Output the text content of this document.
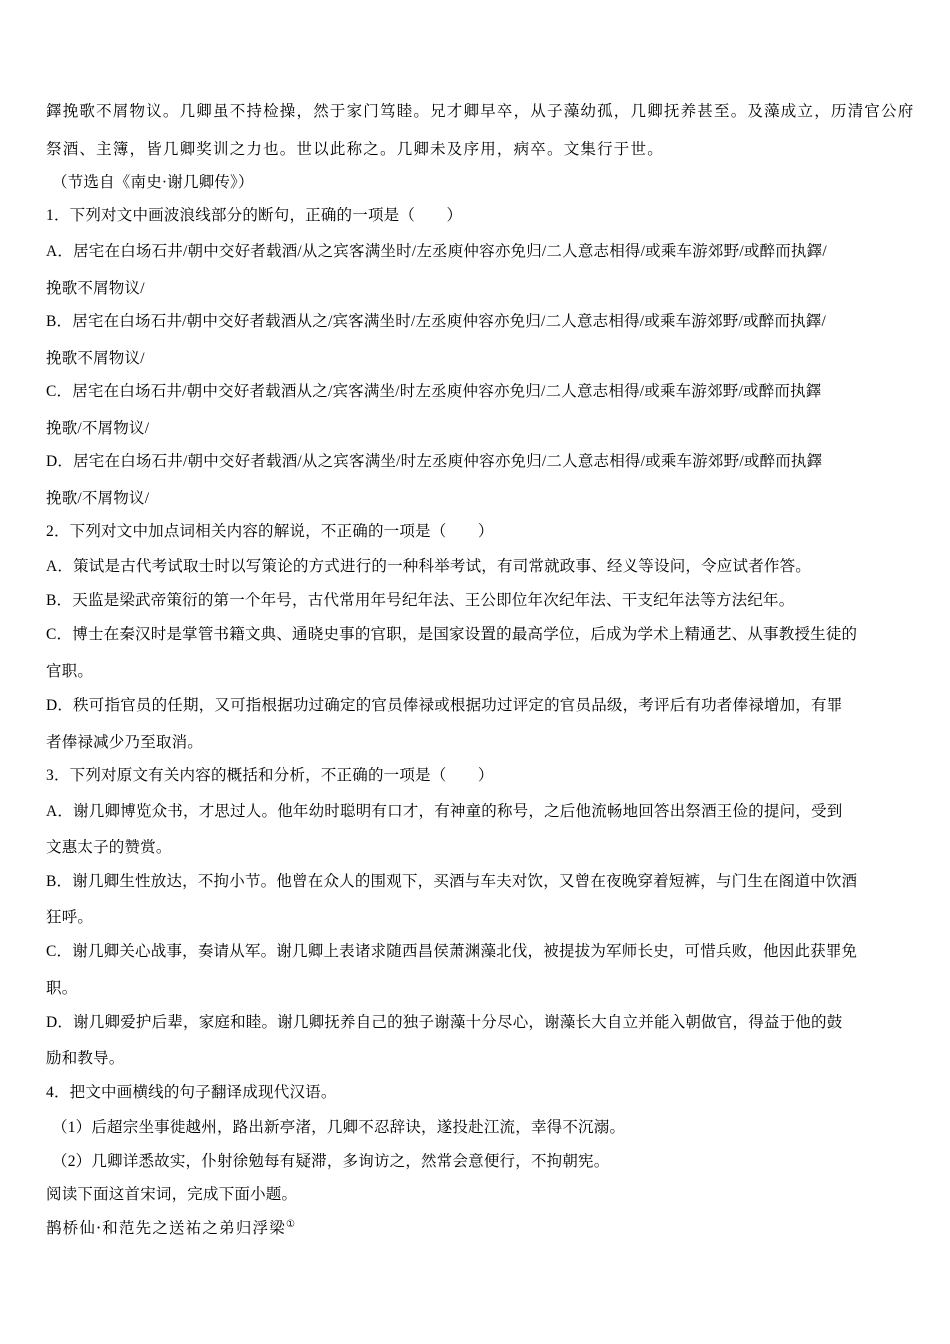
鐸挽歌不屑物议。几卿虽不持检操，然于家门笃睦。兄才卿早卒，从子藻幼孤，几卿抚养甚至。及藻成立，历清官公府

祭酒、主簿，皆几卿奖训之力也。世以此称之。几卿未及序用，病卒。文集行于世。

（节选自《南史·谢几卿传》）

1．下列对文中画波浪线部分的断句，正确的一项是（　　）

A．居宅在白场石井/朝中交好者载酒/从之宾客满坐时/左丞庾仲容亦免归/二人意志相得/或乘车游郊野/或醉而执鐸/

挽歌不屑物议/

B．居宅在白场石井/朝中交好者载酒从之/宾客满坐时/左丞庾仲容亦免归/二人意志相得/或乘车游郊野/或醉而执鐸/

挽歌不屑物议/

C．居宅在白场石井/朝中交好者载酒从之/宾客满坐/时左丞庾仲容亦免归/二人意志相得/或乘车游郊野/或醉而执鐸

挽歌/不屑物议/

D．居宅在白场石井/朝中交好者载酒/从之宾客满坐/时左丞庾仲容亦免归/二人意志相得/或乘车游郊野/或醉而执鐸

挽歌/不屑物议/

2．下列对文中加点词相关内容的解说，不正确的一项是（　　）

A．策试是古代考试取士时以写策论的方式进行的一种科举考试，有司常就政事、经义等设问，令应试者作答。

B．天监是梁武帝策衍的第一个年号，古代常用年号纪年法、王公即位年次纪年法、干支纪年法等方法纪年。

C．博士在秦汉时是掌管书籍文典、通晓史事的官职，是国家设置的最高学位，后成为学术上精通艺、从事教授生徒的

官职。

D．秩可指官员的任期，又可指根据功过确定的官员俸禄或根据功过评定的官员品级，考评后有功者俸禄增加，有罪

者俸禄减少乃至取消。

3．下列对原文有关内容的概括和分析，不正确的一项是（　　）

A．谢几卿博览众书，才思过人。他年幼时聪明有口才，有神童的称号，之后他流畅地回答出祭酒王俭的提问，受到

文惠太子的赞赏。

B．谢几卿生性放达，不拘小节。他曾在众人的围观下，买酒与车夫对饮，又曾在夜晚穿着短裤，与门生在阁道中饮酒

狂呼。

C．谢几卿关心战事，奏请从军。谢几卿上表诸求随西昌侯萧渊藻北伐，被提拔为军师长史，可惜兵败，他因此获罪免

职。

D．谢几卿爱护后辈，家庭和睦。谢几卿抚养自己的独子谢藻十分尽心，谢藻长大自立并能入朝做官，得益于他的鼓

励和教导。

4．把文中画横线的句子翻译成现代汉语。

（1）后超宗坐事徙越州，路出新亭渚，几卿不忍辞诀，遂投赴江流，幸得不沉溺。

（2）几卿详悉故实，仆射徐勉每有疑滞，多询访之，然常会意便行，不拘朝宪。

阅读下面这首宋词，完成下面小题。

鹊桥仙·和范先之送祐之弟归浮梁①
